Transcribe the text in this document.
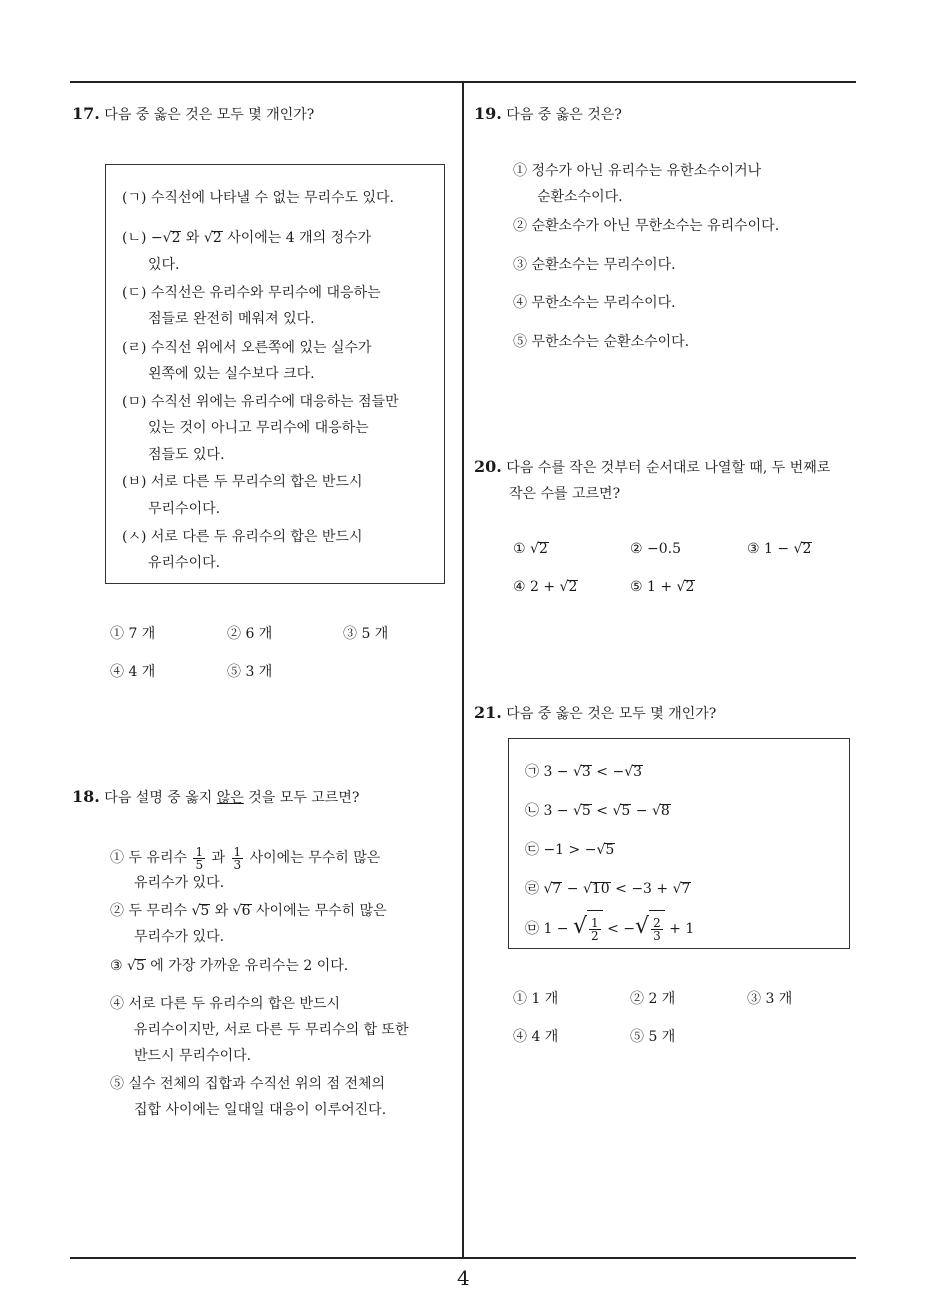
17. 다음 중 옳은 것은 모두 몇 개인가?
(ㄱ) 수직선에 나타낼 수 없는 무리수도 있다.
(ㄴ) −√2 와 √2 사이에는 4 개의 정수가
있다.
(ㄷ) 수직선은 유리수와 무리수에 대응하는
점들로 완전히 메워져 있다.
(ㄹ) 수직선 위에서 오른쪽에 있는 실수가
왼쪽에 있는 실수보다 크다.
(ㅁ) 수직선 위에는 유리수에 대응하는 점들만
있는 것이 아니고 무리수에 대응하는
점들도 있다.
(ㅂ) 서로 다른 두 무리수의 합은 반드시
무리수이다.
(ㅅ) 서로 다른 두 유리수의 합은 반드시
유리수이다.
① 7 개	② 6 개	③ 5 개
④ 4 개	⑤ 3 개
18. 다음 설명 중 옳지 않은 것을 모두 고르면?
① 두 유리수 $\frac{1}{5}$ 과 $\frac{1}{3}$ 사이에는 무수히 많은
유리수가 있다.
② 두 무리수 √5 와 √6 사이에는 무수히 많은
무리수가 있다.
③ √5 에 가장 가까운 유리수는 2 이다.
④ 서로 다른 두 유리수의 합은 반드시
유리수이지만, 서로 다른 두 무리수의 합 또한
반드시 무리수이다.
⑤ 실수 전체의 집합과 수직선 위의 점 전체의
집합 사이에는 일대일 대응이 이루어진다.
19. 다음 중 옳은 것은?
① 정수가 아닌 유리수는 유한소수이거나
순환소수이다.
② 순환소수가 아닌 무한소수는 유리수이다.
③ 순환소수는 무리수이다.
④ 무한소수는 무리수이다.
⑤ 무한소수는 순환소수이다.
20. 다음 수를 작은 것부터 순서대로 나열할 때, 두 번째로
작은 수를 고르면?
① √2	② −0.5	③ 1 − √2
④ 2 + √2	⑤ 1 + √2
21. 다음 중 옳은 것은 모두 몇 개인가?
㉠ 3 − √3 < −√3
㉡ 3 − √5 < √5 − √8
㉢ −1 > −√5
㉣ √7 − √10 < −3 + √7
㉤ 1 − √ $\frac{1}{2}$ < −√ $\frac{2}{3} + 1$
① 1 개	② 2 개	③ 3 개
④ 4 개	⑤ 5 개
4
